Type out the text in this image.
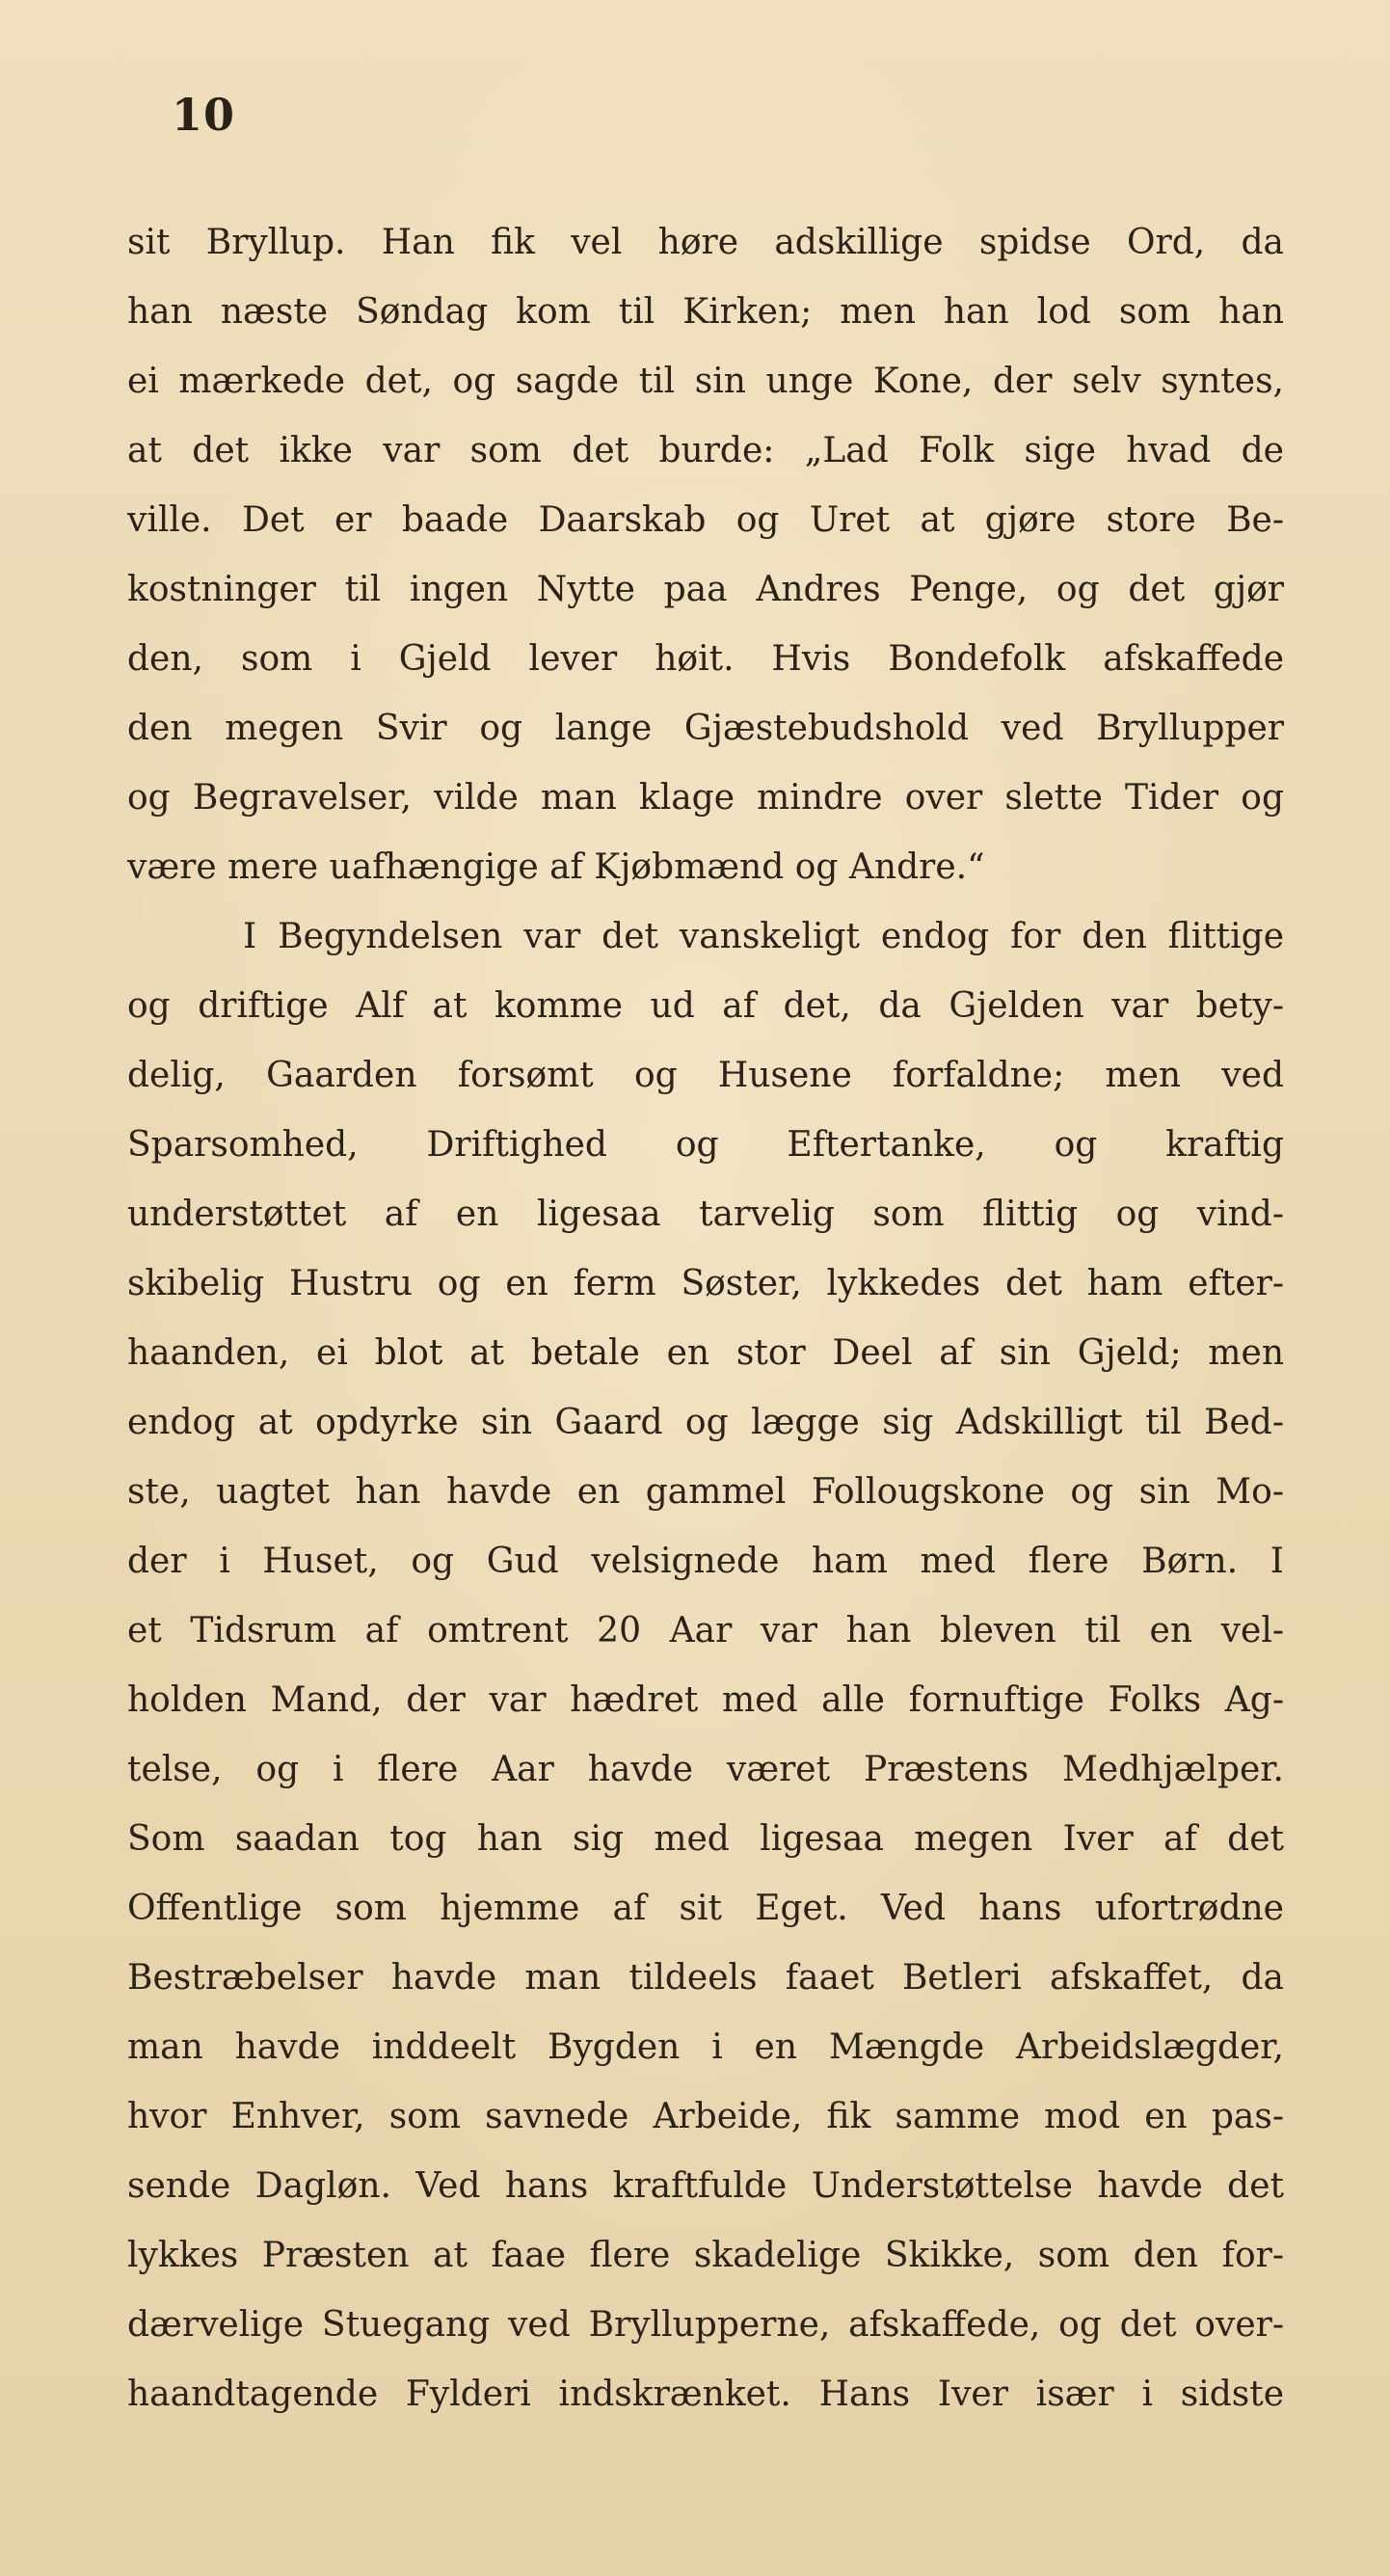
10
sit Bryllup. Han fik vel høre adskillige spidse Ord, da
han næste Søndag kom til Kirken; men han lod som han
ei mærkede det, og sagde til sin unge Kone, der selv syntes,
at det ikke var som det burde: „Lad Folk sige hvad de
ville. Det er baade Daarskab og Uret at gjøre store Be-
kostninger til ingen Nytte paa Andres Penge, og det gjør
den, som i Gjeld lever høit. Hvis Bondefolk afskaffede
den megen Svir og lange Gjæstebudshold ved Bryllupper
og Begravelser, vilde man klage mindre over slette Tider og
være mere uafhængige af Kjøbmænd og Andre.“
I Begyndelsen var det vanskeligt endog for den flittige
og driftige Alf at komme ud af det, da Gjelden var bety-
delig, Gaarden forsømt og Husene forfaldne; men ved
Sparsomhed, Driftighed og Eftertanke, og kraftig
understøttet af en ligesaa tarvelig som flittig og vind-
skibelig Hustru og en ferm Søster, lykkedes det ham efter-
haanden, ei blot at betale en stor Deel af sin Gjeld; men
endog at opdyrke sin Gaard og lægge sig Adskilligt til Bed-
ste, uagtet han havde en gammel Follougskone og sin Mo-
der i Huset, og Gud velsignede ham med flere Børn. I
et Tidsrum af omtrent 20 Aar var han bleven til en vel-
holden Mand, der var hædret med alle fornuftige Folks Ag-
telse, og i flere Aar havde været Præstens Medhjælper.
Som saadan tog han sig med ligesaa megen Iver af det
Offentlige som hjemme af sit Eget. Ved hans ufortrødne
Bestræbelser havde man tildeels faaet Betleri afskaffet, da
man havde inddeelt Bygden i en Mængde Arbeidslægder,
hvor Enhver, som savnede Arbeide, fik samme mod en pas-
sende Dagløn. Ved hans kraftfulde Understøttelse havde det
lykkes Præsten at faae flere skadelige Skikke, som den for-
dærvelige Stuegang ved Bryllupperne, afskaffede, og det over-
haandtagende Fylderi indskrænket. Hans Iver især i sidste
